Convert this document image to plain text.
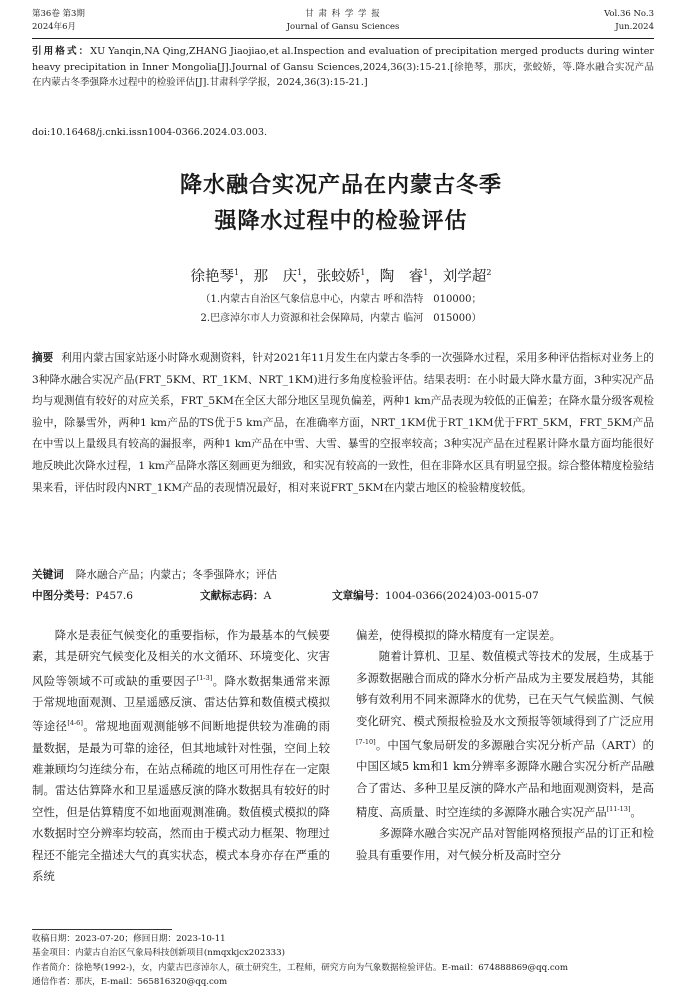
第36卷 第3期
2024年6月
甘 肃 科 学 学 报
Journal of Gansu Sciences
Vol.36 No.3
Jun.2024
引用格式：XU Yanqin,NA Qing,ZHANG Jiaojiao,et al.Inspection and evaluation of precipitation merged products during winter heavy precipitation in Inner Mongolia[J].Journal of Gansu Sciences,2024,36(3):15-21.[徐艳琴，那庆，张蛟娇，等.降水融合实况产品在内蒙古冬季强降水过程中的检验评估[J].甘肃科学学报，2024,36(3):15-21.]
doi:10.16468/j.cnki.issn1004-0366.2024.03.003.
降水融合实况产品在内蒙古冬季
强降水过程中的检验评估
徐艳琴$^1$，那　庆$^1$，张蛟娇$^1$，陶　睿$^1$，刘学超$^2$
（1.内蒙古自治区气象信息中心，内蒙古 呼和浩特　010000；
2.巴彦淖尔市人力资源和社会保障局，内蒙古 临河　015000）
摘要 利用内蒙古国家站逐小时降水观测资料，针对2021年11月发生在内蒙古冬季的一次强降水过程，采用多种评估指标对业务上的3种降水融合实况产品(FRT_5KM、RT_1KM、NRT_1KM)进行多角度检验评估。结果表明：在小时最大降水量方面，3种实况产品均与观测值有较好的对应关系，FRT_5KM在全区大部分地区呈现负偏差，两种1 km产品表现为较低的正偏差；在降水量分级客观检验中，除暴雪外，两种1 km产品的TS优于5 km产品，在准确率方面，NRT_1KM优于RT_1KM优于FRT_5KM，FRT_5KM产品在中雪以上量级具有较高的漏报率，两种1 km产品在中雪、大雪、暴雪的空报率较高；3种实况产品在过程累计降水量方面均能很好地反映此次降水过程，1 km产品降水落区刻画更为细致，和实况有较高的一致性，但在非降水区具有明显空报。综合整体精度检验结果来看，评估时段内NRT_1KM产品的表现情况最好，相对来说FRT_5KM在内蒙古地区的检验精度较低。
关键词 降水融合产品；内蒙古；冬季强降水；评估
中图分类号：P457.6	文献标志码：A	文章编号：1004-0366(2024)03-0015-07

降水是表征气候变化的重要指标，作为最基本的气候要素，其是研究气候变化及相关的水文循环、环境变化、灾害风险等领域不可或缺的重要因子[1-3]。降水数据集通常来源于常规地面观测、卫星遥感反演、雷达估算和数值模式模拟等途径[4-6]。常规地面观测能够不间断地提供较为准确的雨量数据，是最为可靠的途径，但其地域针对性强，空间上较难兼顾均匀连续分布，在站点稀疏的地区可用性存在一定限制。雷达估算降水和卫星遥感反演的降水数据具有较好的时空性，但是估算精度不如地面观测准确。数值模式模拟的降水数据时空分辨率均较高，然而由于模式动力框架、物理过程还不能完全描述大气的真实状态，模式本身亦存在严重的系统

偏差，使得模拟的降水精度有一定误差。

随着计算机、卫星、数值模式等技术的发展，生成基于多源数据融合而成的降水分析产品成为主要发展趋势，其能够有效利用不同来源降水的优势，已在天气气候监测、气候变化研究、模式预报检验及水文预报等领域得到了广泛应用[7-10]。中国气象局研发的多源融合实况分析产品（ART）的中国区域5 km和1 km分辨率多源降水融合实况分析产品融合了雷达、多种卫星反演的降水产品和地面观测资料，是高精度、高质量、时空连续的多源降水融合实况产品[11-13]。

多源降水融合实况产品对智能网格预报产品的订正和检验具有重要作用，对气候分析及高时空分

收稿日期：2023-07-20；修回日期：2023-10-11
基金项目：内蒙古自治区气象局科技创新项目(nmqxkjcx202333)
作者简介：徐艳琴(1992-)，女，内蒙古巴彦淖尔人，硕士研究生，工程师，研究方向为气象数据检验评估。E-mail：674888869@qq.com
通信作者：那庆，E-mail：565816320@qq.com
